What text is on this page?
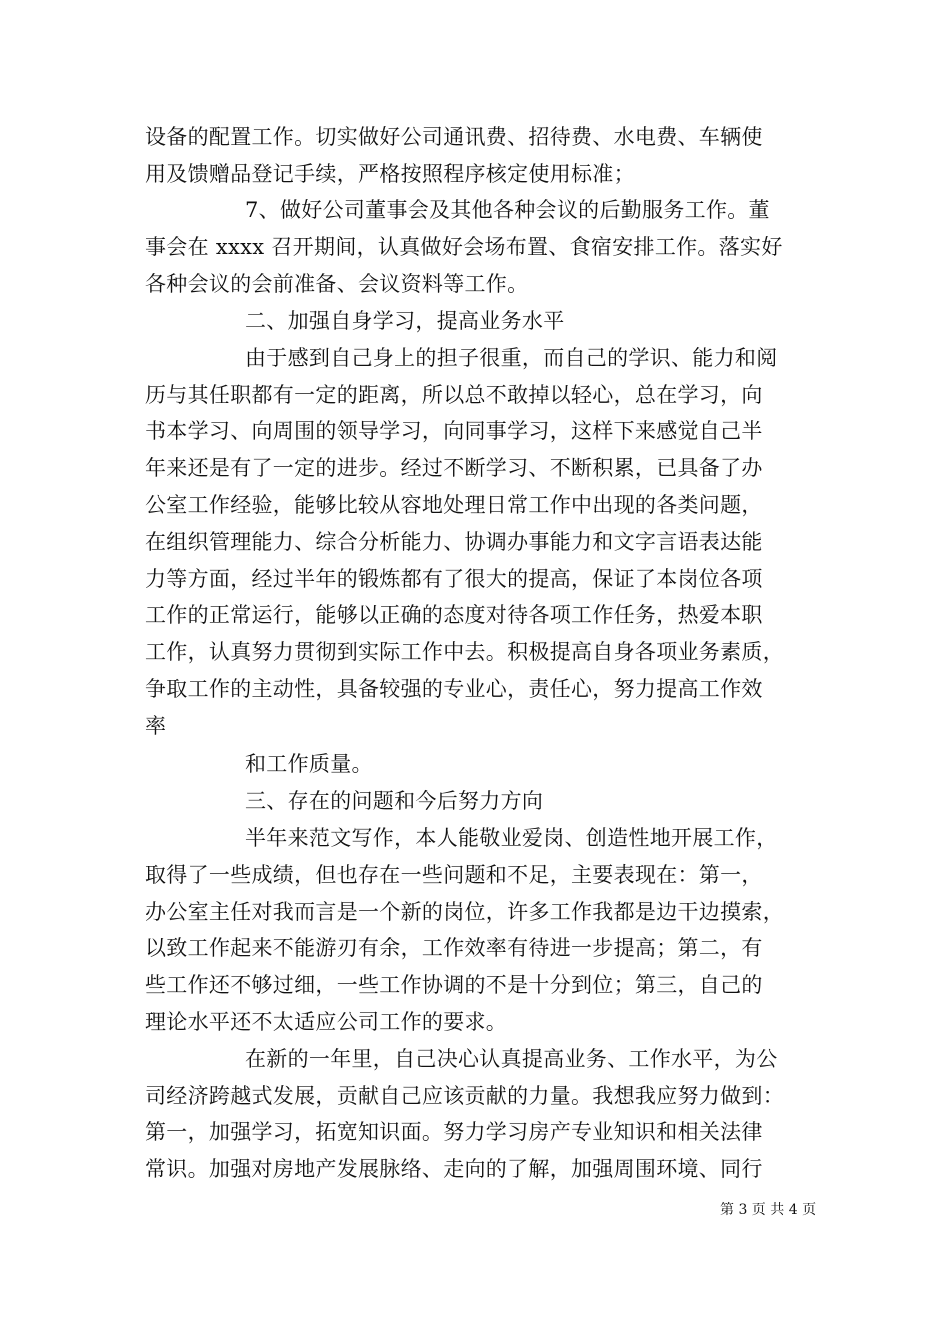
设备的配置工作。切实做好公司通讯费、招待费、水电费、车辆使
用及馈赠品登记手续，严格按照程序核定使用标准；
7、做好公司董事会及其他各种会议的后勤服务工作。董
事会在 xxxx 召开期间，认真做好会场布置、食宿安排工作。落实好
各种会议的会前准备、会议资料等工作。
二、加强自身学习，提高业务水平
由于感到自己身上的担子很重，而自己的学识、能力和阅
历与其任职都有一定的距离，所以总不敢掉以轻心，总在学习，向
书本学习、向周围的领导学习，向同事学习，这样下来感觉自己半
年来还是有了一定的进步。经过不断学习、不断积累，已具备了办
公室工作经验，能够比较从容地处理日常工作中出现的各类问题，
在组织管理能力、综合分析能力、协调办事能力和文字言语表达能
力等方面，经过半年的锻炼都有了很大的提高，保证了本岗位各项
工作的正常运行，能够以正确的态度对待各项工作任务，热爱本职
工作，认真努力贯彻到实际工作中去。积极提高自身各项业务素质，
争取工作的主动性，具备较强的专业心，责任心，努力提高工作效
率
和工作质量。
三、存在的问题和今后努力方向
半年来范文写作，本人能敬业爱岗、创造性地开展工作，
取得了一些成绩，但也存在一些问题和不足，主要表现在：第一，
办公室主任对我而言是一个新的岗位，许多工作我都是边干边摸索，
以致工作起来不能游刃有余，工作效率有待进一步提高；第二，有
些工作还不够过细，一些工作协调的不是十分到位；第三，自己的
理论水平还不太适应公司工作的要求。
在新的一年里，自己决心认真提高业务、工作水平，为公
司经济跨越式发展，贡献自己应该贡献的力量。我想我应努力做到：
第一，加强学习，拓宽知识面。努力学习房产专业知识和相关法律
常识。加强对房地产发展脉络、走向的了解，加强周围环境、同行
第 3 页 共 4 页
